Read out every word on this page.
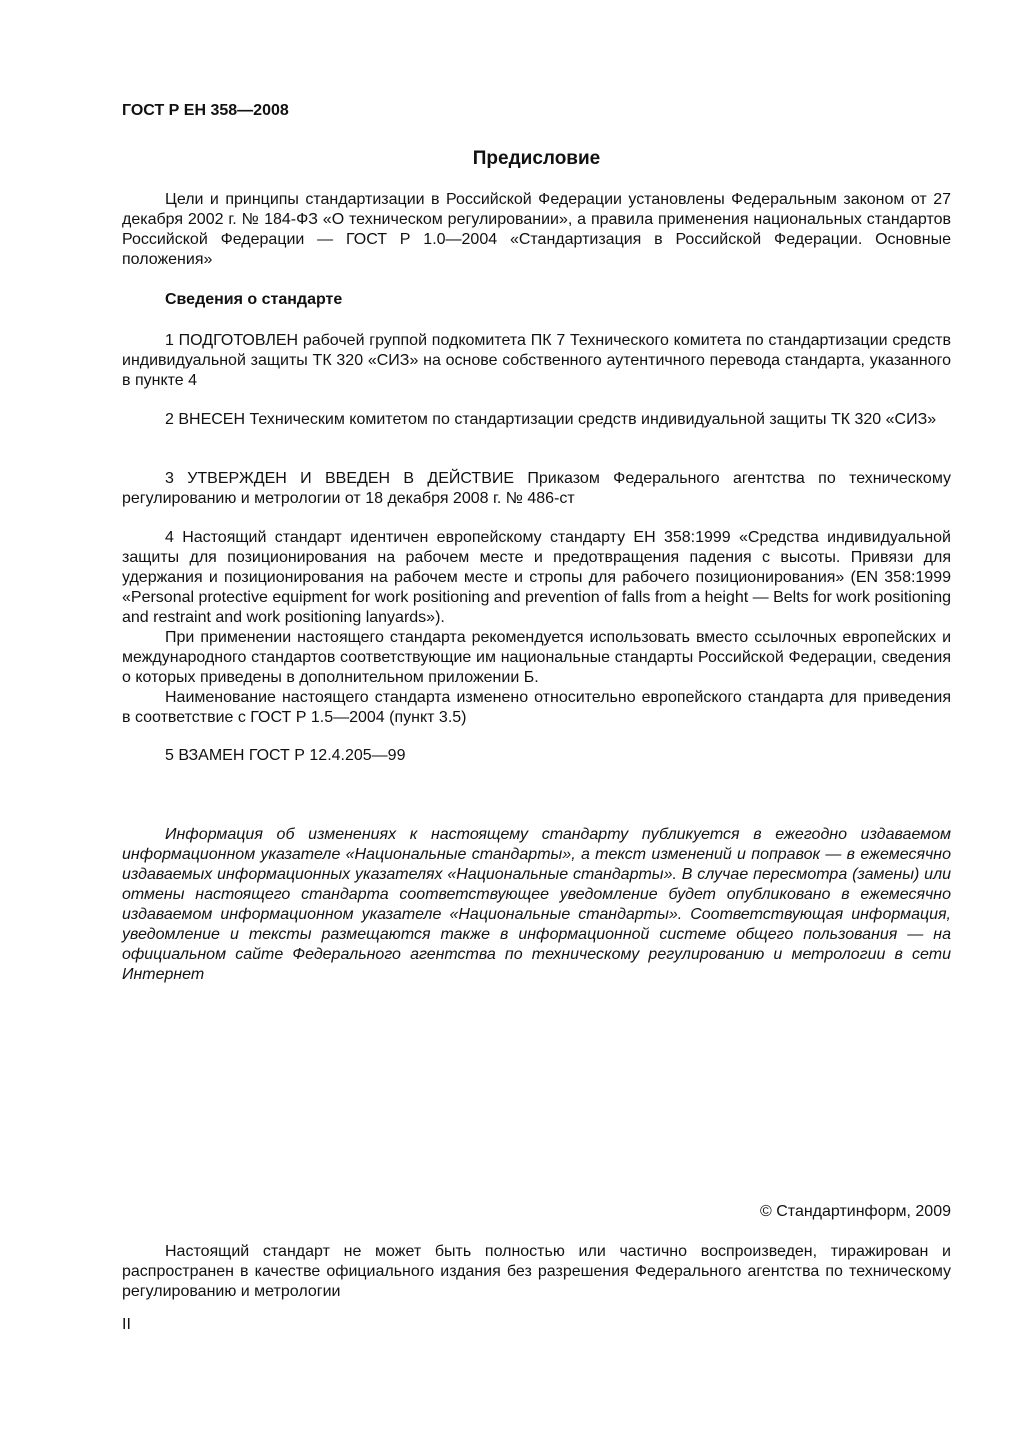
ГОСТ Р ЕН 358—2008
Предисловие

Цели и принципы стандартизации в Российской Федерации установлены Федеральным законом от 27 декабря 2002 г. № 184-ФЗ «О техническом регулировании», а правила применения национальных стандартов Российской Федерации — ГОСТ Р 1.0—2004 «Стандартизация в Российской Федерации. Основные положения»

Сведения о стандарте

1 ПОДГОТОВЛЕН рабочей группой подкомитета ПК 7 Технического комитета по стандартизации средств индивидуальной защиты ТК 320 «СИЗ» на основе собственного аутентичного перевода стандарта, указанного в пункте 4

2 ВНЕСЕН Техническим комитетом по стандартизации средств индивидуальной защиты ТК 320 «СИЗ»

3 УТВЕРЖДЕН И ВВЕДЕН В ДЕЙСТВИЕ Приказом Федерального агентства по техническому регулированию и метрологии от 18 декабря 2008 г. № 486-ст

4 Настоящий стандарт идентичен европейскому стандарту ЕН 358:1999 «Средства индивидуальной защиты для позиционирования на рабочем месте и предотвращения падения с высоты. Привязи для удержания и позиционирования на рабочем месте и стропы для рабочего позиционирования» (EN 358:1999 «Personal protective equipment for work positioning and prevention of falls from a height — Belts for work positioning and restraint and work positioning lanyards»).

При применении настоящего стандарта рекомендуется использовать вместо ссылочных европейских и международного стандартов соответствующие им национальные стандарты Российской Федерации, сведения о которых приведены в дополнительном приложении Б.

Наименование настоящего стандарта изменено относительно европейского стандарта для приведения в соответствие с ГОСТ Р 1.5—2004 (пункт 3.5)

5 ВЗАМЕН ГОСТ Р 12.4.205—99

Информация об изменениях к настоящему стандарту публикуется в ежегодно издаваемом информационном указателе «Национальные стандарты», а текст изменений и поправок — в ежемесячно издаваемых информационных указателях «Национальные стандарты». В случае пересмотра (замены) или отмены настоящего стандарта соответствующее уведомление будет опубликовано в ежемесячно издаваемом информационном указателе «Национальные стандарты». Соответствующая информация, уведомление и тексты размещаются также в информационной системе общего пользования — на официальном сайте Федерального агентства по техническому регулированию и метрологии в сети Интернет

© Стандартинформ, 2009

Настоящий стандарт не может быть полностью или частично воспроизведен, тиражирован и распространен в качестве официального издания без разрешения Федерального агентства по техническому регулированию и метрологии

II
